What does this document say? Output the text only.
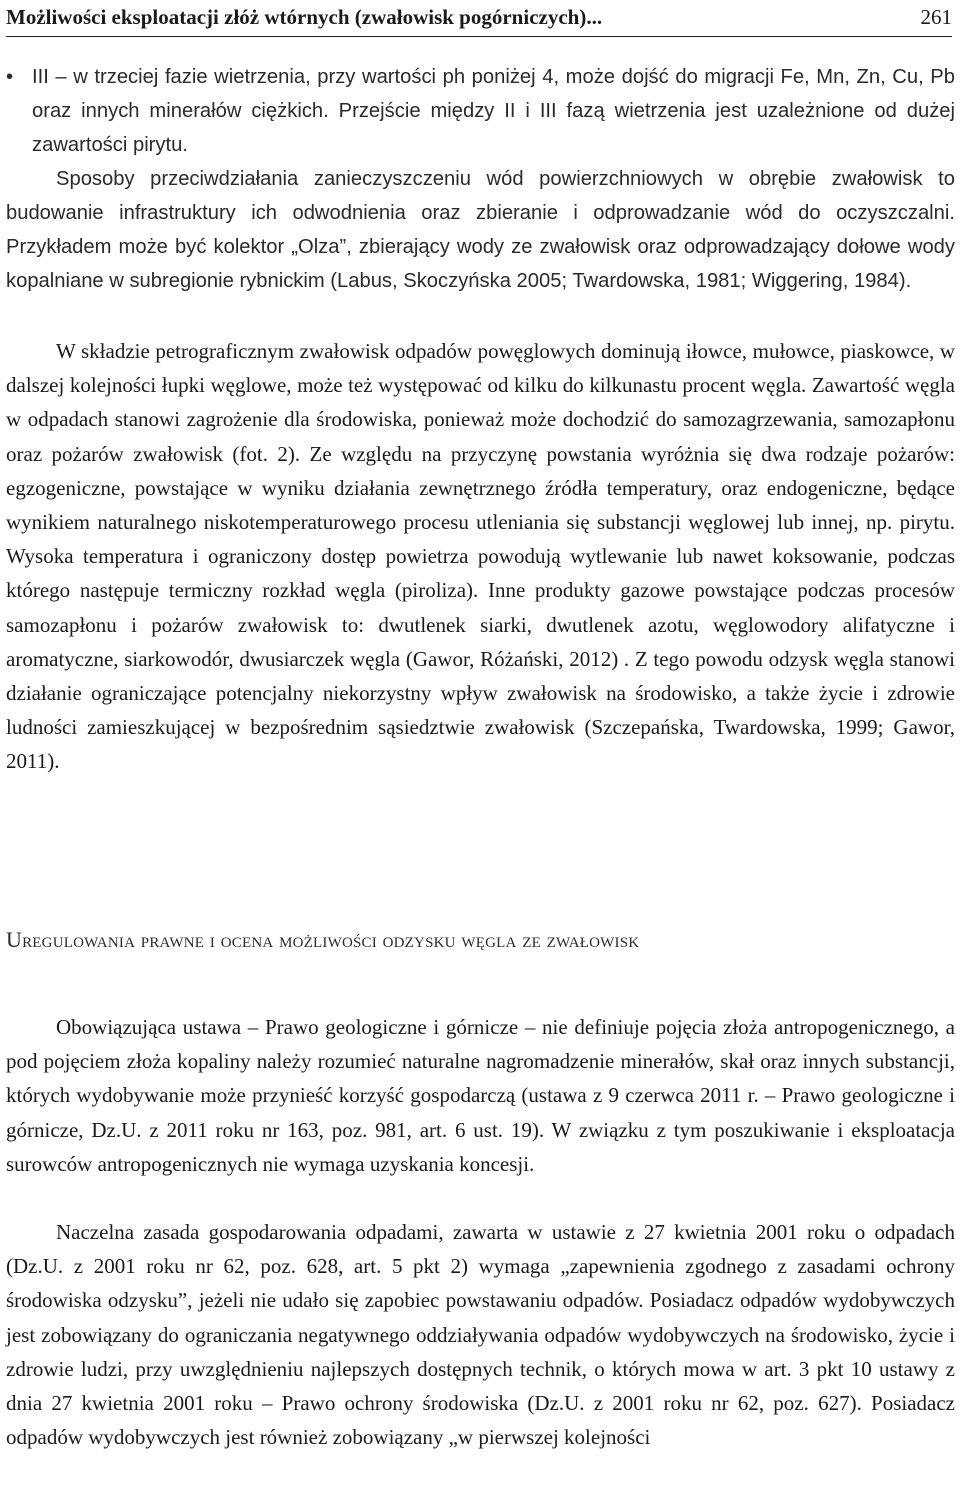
Możliwości eksploatacji złóż wtórnych (zwałowisk pogórniczych)...	261
• III – w trzeciej fazie wietrzenia, przy wartości ph poniżej 4, może dojść do migracji Fe, Mn, Zn, Cu, Pb oraz innych minerałów ciężkich. Przejście między II i III fazą wietrzenia jest uzależnione od dużej zawartości pirytu.

Sposoby przeciwdziałania zanieczyszczeniu wód powierzchniowych w obrębie zwałowisk to budowanie infrastruktury ich odwodnienia oraz zbieranie i odprowadzanie wód do oczyszczalni. Przykładem może być kolektor „Olza”, zbierający wody ze zwałowisk oraz odprowadzający dołowe wody kopalniane w subregionie rybnickim (Labus, Skoczyńska 2005; Twardowska, 1981; Wiggering, 1984).

W składzie petrograficznym zwałowisk odpadów powęglowych dominują iłowce, mułowce, piaskowce, w dalszej kolejności łupki węglowe, może też występować od kilku do kilkunastu procent węgla. Zawartość węgla w odpadach stanowi zagrożenie dla środowiska, ponieważ może dochodzić do samozagrzewania, samozapłonu oraz pożarów zwałowisk (fot. 2). Ze względu na przyczynę powstania wyróżnia się dwa rodzaje pożarów: egzogeniczne, powstające w wyniku działania zewnętrznego źródła temperatury, oraz endogeniczne, będące wynikiem naturalnego niskotemperaturowego procesu utleniania się substancji węglowej lub innej, np. pirytu. Wysoka temperatura i ograniczony dostęp powietrza powodują wytlewanie lub nawet koksowanie, podczas którego następuje termiczny rozkład węgla (piroliza). Inne produkty gazowe powstające podczas procesów samozapłonu i pożarów zwałowisk to: dwutlenek siarki, dwutlenek azotu, węglowodory alifatyczne i aromatyczne, siarkowodór, dwusiarczek węgla (Gawor, Różański, 2012) . Z tego powodu odzysk węgla stanowi działanie ograniczające potencjalny niekorzystny wpływ zwałowisk na środowisko, a także życie i zdrowie ludności zamieszkującej w bezpośrednim sąsiedztwie zwałowisk (Szczepańska, Twardowska, 1999; Gawor, 2011).

Uregulowania prawne i ocena możliwości odzysku węgla ze zwałowisk

Obowiązująca ustawa – Prawo geologiczne i górnicze – nie definiuje pojęcia złoża antropogenicznego, a pod pojęciem złoża kopaliny należy rozumieć naturalne nagromadzenie minerałów, skał oraz innych substancji, których wydobywanie może przynieść korzyść gospodarczą (ustawa z 9 czerwca 2011 r. – Prawo geologiczne i górnicze, Dz.U. z 2011 roku nr 163, poz. 981, art. 6 ust. 19). W związku z tym poszukiwanie i eksploatacja surowców antropogenicznych nie wymaga uzyskania koncesji.

Naczelna zasada gospodarowania odpadami, zawarta w ustawie z 27 kwietnia 2001 roku o odpadach (Dz.U. z 2001 roku nr 62, poz. 628, art. 5 pkt 2) wymaga „zapewnienia zgodnego z zasadami ochrony środowiska odzysku”, jeżeli nie udało się zapobiec powstawaniu odpadów. Posiadacz odpadów wydobywczych jest zobowiązany do ograniczania negatywnego oddziaływania odpadów wydobywczych na środowisko, życie i zdrowie ludzi, przy uwzględnieniu najlepszych dostępnych technik, o których mowa w art. 3 pkt 10 ustawy z dnia 27 kwietnia 2001 roku – Prawo ochrony środowiska (Dz.U. z 2001 roku nr 62, poz. 627). Posiadacz odpadów wydobywczych jest również zobowiązany „w pierwszej kolejności
